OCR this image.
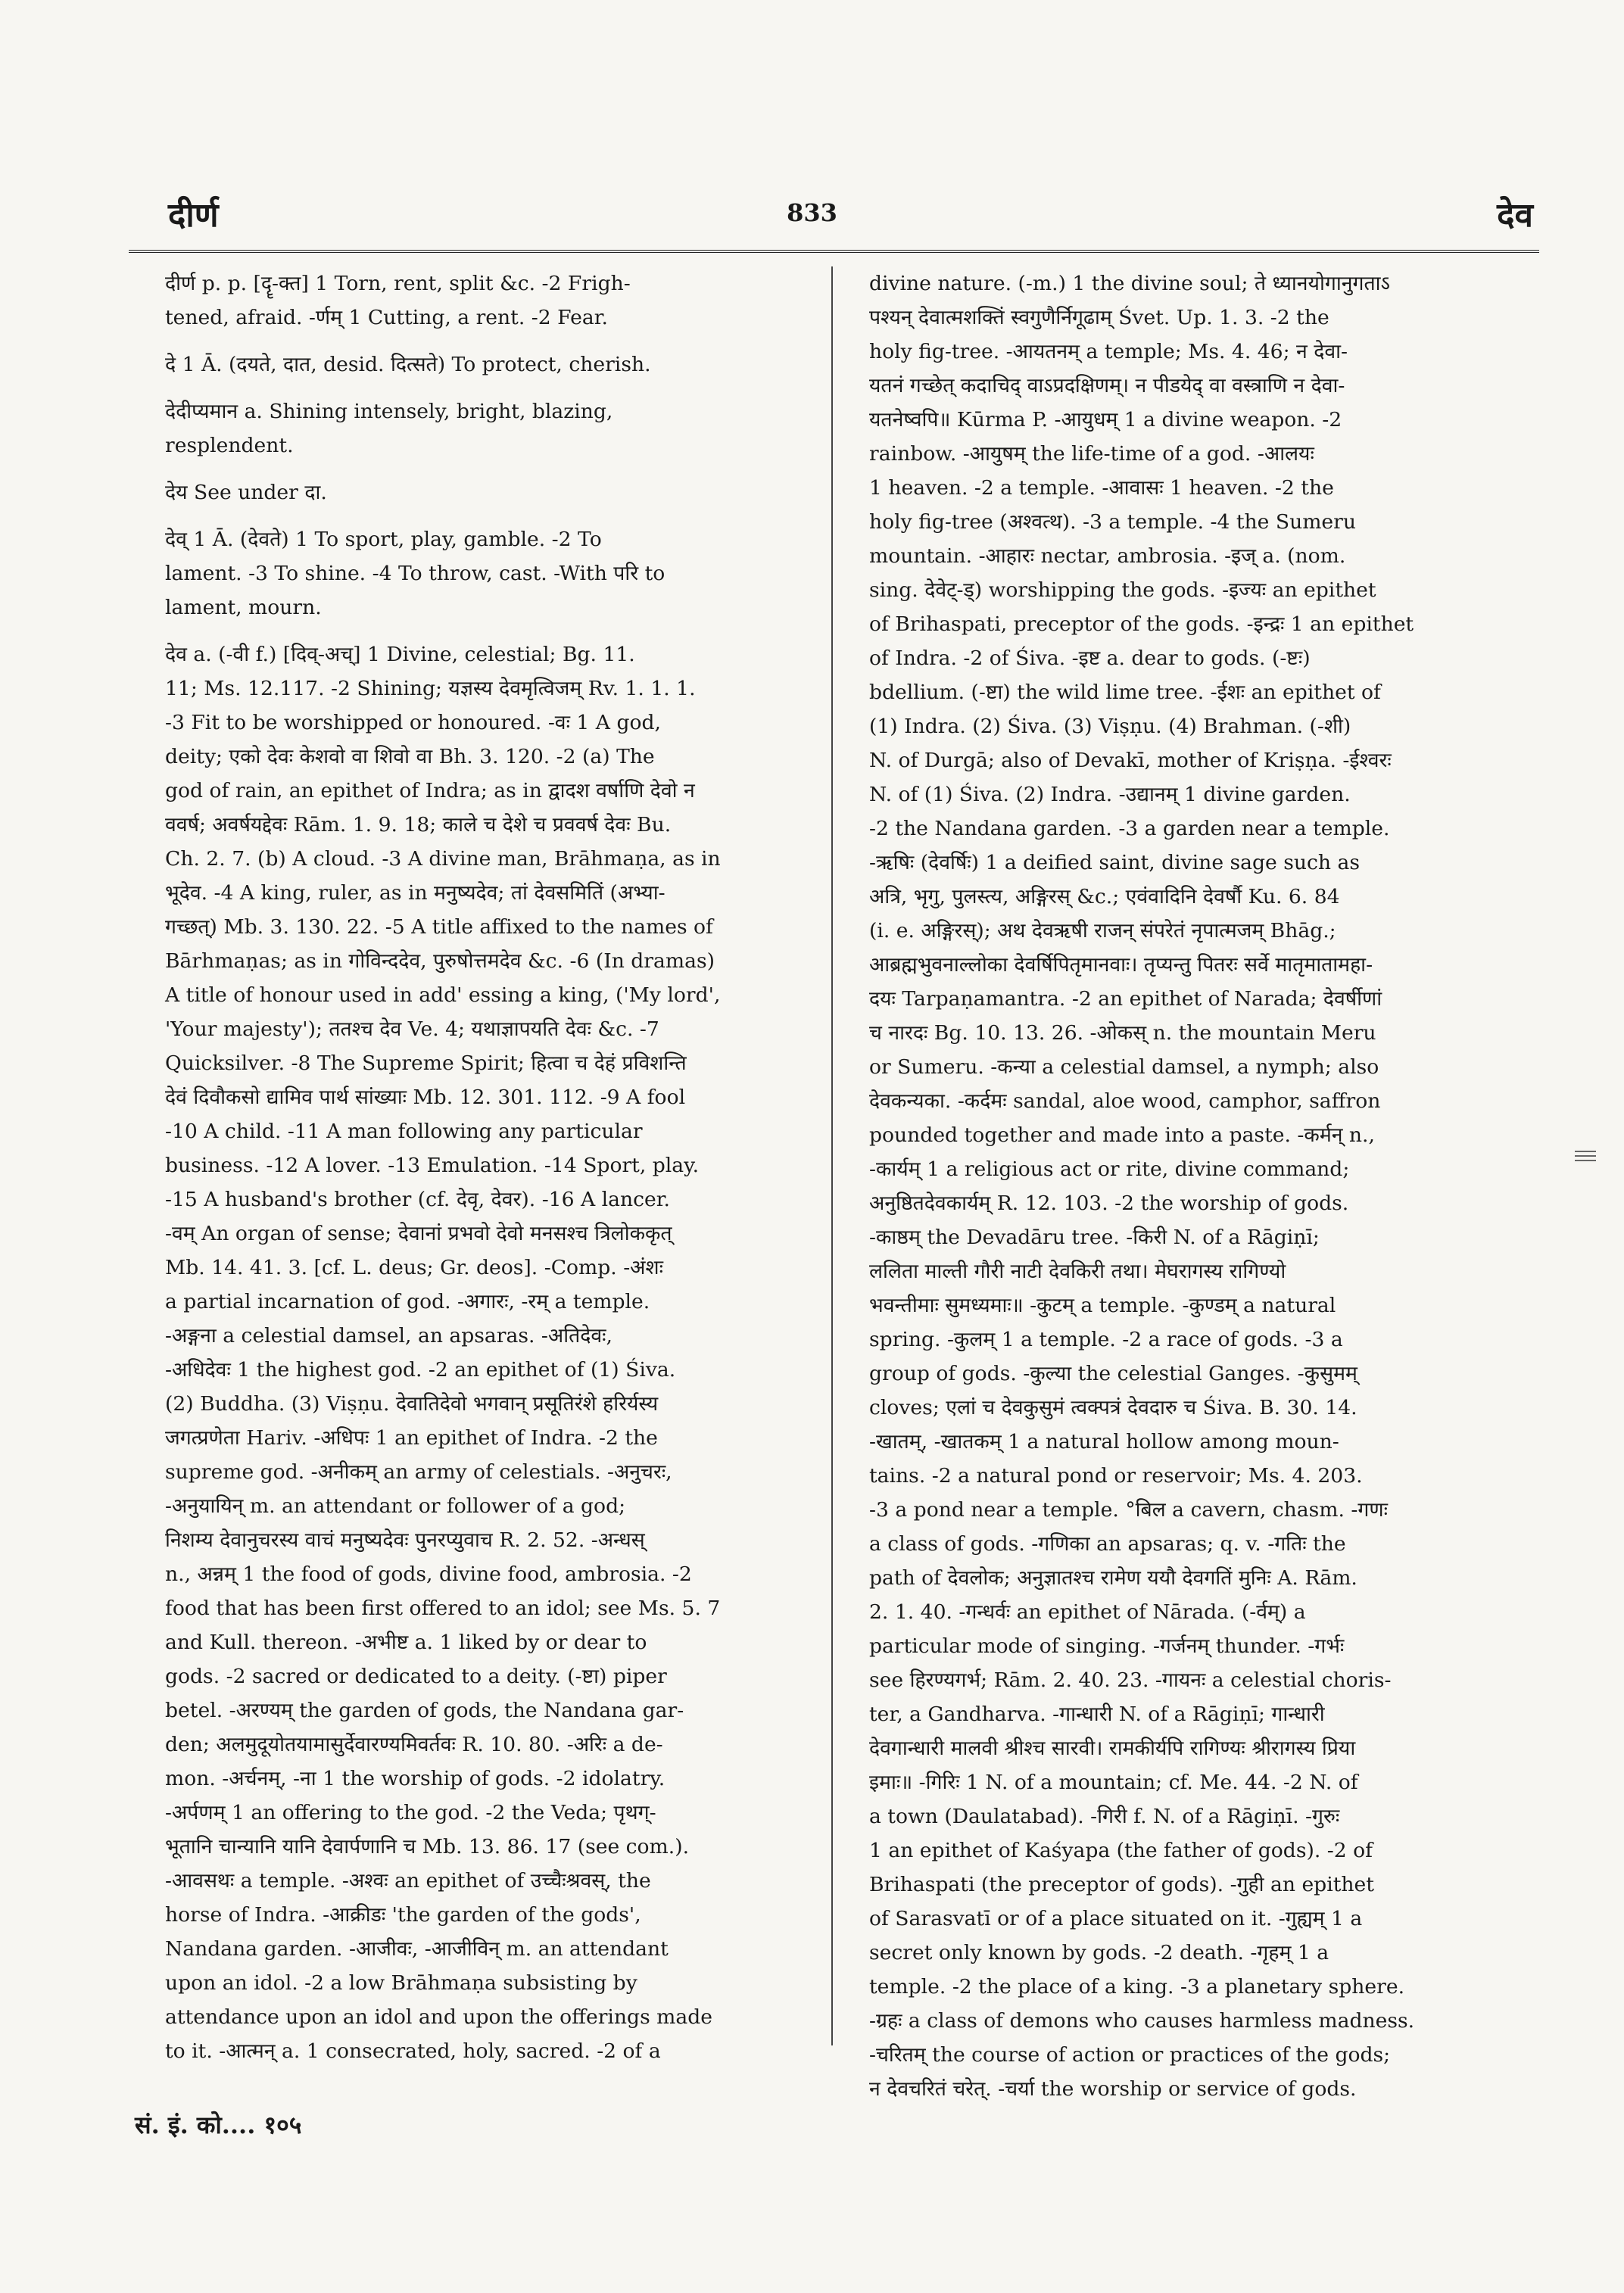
दीर्ण	833	देव
दीर्ण p. p. [दॄ-क्त] 1 Torn, rent, split &c. -2 Frigh-
tened, afraid. -र्णम् 1 Cutting, a rent. -2 Fear.
दे 1 Ā. (दयते, दात, desid. दित्सते) To protect, cherish.
देदीप्यमान a. Shining intensely, bright, blazing,
resplendent.
देय See under दा.
देव् 1 Ā. (देवते) 1 To sport, play, gamble. -2 To
lament. -3 To shine. -4 To throw, cast. -With परि to
lament, mourn.
देव a. (-वी f.) [दिव्-अच्] 1 Divine, celestial; Bg. 11.
11; Ms. 12.117. -2 Shining; यज्ञस्य देवमृत्विजम् Rv. 1. 1. 1.
-3 Fit to be worshipped or honoured. -वः 1 A god,
deity; एको देवः केशवो वा शिवो वा Bh. 3. 120. -2 (a) The
god of rain, an epithet of Indra; as in द्वादश वर्षाणि देवो न
ववर्ष; अवर्षयद्देवः Rām. 1. 9. 18; काले च देशे च प्रववर्ष देवः Bu.
Ch. 2. 7. (b) A cloud. -3 A divine man, Brāhmaṇa, as in
भूदेव. -4 A king, ruler, as in मनुष्यदेव; तां देवसमितिं (अभ्या-
गच्छत्) Mb. 3. 130. 22. -5 A title affixed to the names of
Bārhmaṇas; as in गोविन्ददेव, पुरुषोत्तमदेव &c. -6 (In dramas)
A title of honour used in add' essing a king, ('My lord',
'Your majesty'); ततश्च देव Ve. 4; यथाज्ञापयति देवः &c. -7
Quicksilver. -8 The Supreme Spirit; हित्वा च देहं प्रविशन्ति
देवं दिवौकसो द्यामिव पार्थ सांख्याः Mb. 12. 301. 112. -9 A fool
-10 A child. -11 A man following any particular
business. -12 A lover. -13 Emulation. -14 Sport, play.
-15 A husband's brother (cf. देवृ, देवर). -16 A lancer.
-वम् An organ of sense; देवानां प्रभवो देवो मनसश्च त्रिलोककृत्
Mb. 14. 41. 3. [cf. L. deus; Gr. deos]. -Comp. -अंशः
a partial incarnation of god. -अगारः, -रम् a temple.
-अङ्गना a celestial damsel, an apsaras. -अतिदेवः,
-अधिदेवः 1 the highest god. -2 an epithet of (1) Śiva.
(2) Buddha. (3) Viṣṇu. देवातिदेवो भगवान् प्रसूतिरंशे हरिर्यस्य
जगत्प्रणेता Hariv. -अधिपः 1 an epithet of Indra. -2 the
supreme god. -अनीकम् an army of celestials. -अनुचरः,
-अनुयायिन् m. an attendant or follower of a god;
निशम्य देवानुचरस्य वाचं मनुष्यदेवः पुनरप्युवाच R. 2. 52. -अन्धस्
n., अन्नम् 1 the food of gods, divine food, ambrosia. -2
food that has been first offered to an idol; see Ms. 5. 7
and Kull. thereon. -अभीष्ट a. 1 liked by or dear to
gods. -2 sacred or dedicated to a deity. (-ष्टा) piper
betel. -अरण्यम् the garden of gods, the Nandana gar-
den; अलमुदूयोतयामासुर्देवारण्यमिवर्तवः R. 10. 80. -अरिः a de-
mon. -अर्चनम्, -ना 1 the worship of gods. -2 idolatry.
-अर्पणम् 1 an offering to the god. -2 the Veda; पृथग्-
भूतानि चान्यानि यानि देवार्पणानि च Mb. 13. 86. 17 (see com.).
-आवसथः a temple. -अश्वः an epithet of उच्चैःश्रवस्, the
horse of Indra. -आक्रीडः 'the garden of the gods',
Nandana garden. -आजीवः, -आजीविन् m. an attendant
upon an idol. -2 a low Brāhmaṇa subsisting by
attendance upon an idol and upon the offerings made
to it. -आत्मन् a. 1 consecrated, holy, sacred. -2 of a
divine nature. (-m.) 1 the divine soul; ते ध्यानयोगानुगताऽ
पश्यन् देवात्मशक्तिं स्वगुणैर्निगूढाम् Śvet. Up. 1. 3. -2 the
holy fig-tree. -आयतनम् a temple; Ms. 4. 46; न देवा-
यतनं गच्छेत् कदाचिद् वाऽप्रदक्षिणम्। न पीडयेद् वा वस्त्राणि न देवा-
यतनेष्वपि॥ Kūrma P. -आयुधम् 1 a divine weapon. -2
rainbow. -आयुषम् the life-time of a god. -आलयः
1 heaven. -2 a temple. -आवासः 1 heaven. -2 the
holy fig-tree (अश्वत्थ). -3 a temple. -4 the Sumeru
mountain. -आहारः nectar, ambrosia. -इज् a. (nom.
sing. देवेट्-ड्) worshipping the gods. -इज्यः an epithet
of Brihaspati, preceptor of the gods. -इन्द्रः 1 an epithet
of Indra. -2 of Śiva. -इष्ट a. dear to gods. (-ष्टः)
bdellium. (-ष्टा) the wild lime tree. -ईशः an epithet of
(1) Indra. (2) Śiva. (3) Viṣṇu. (4) Brahman. (-शी)
N. of Durgā; also of Devakī, mother of Kriṣṇa. -ईश्वरः
N. of (1) Śiva. (2) Indra. -उद्यानम् 1 divine garden.
-2 the Nandana garden. -3 a garden near a temple.
-ऋषिः (देवर्षिः) 1 a deified saint, divine sage such as
अत्रि, भृगु, पुलस्त्य, अङ्गिरस् &c.; एवंवादिनि देवर्षौ Ku. 6. 84
(i. e. अङ्गिरस्); अथ देवऋषी राजन् संपरेतं नृपात्मजम् Bhāg.;
आब्रह्मभुवनाल्लोका देवर्षिपितृमानवाः। तृप्यन्तु पितरः सर्वे मातृमातामहा-
दयः Tarpaṇamantra. -2 an epithet of Narada; देवर्षीणां
च नारदः Bg. 10. 13. 26. -ओकस् n. the mountain Meru
or Sumeru. -कन्या a celestial damsel, a nymph; also
देवकन्यका. -कर्दमः sandal, aloe wood, camphor, saffron
pounded together and made into a paste. -कर्मन् n.,
-कार्यम् 1 a religious act or rite, divine command;
अनुष्ठितदेवकार्यम् R. 12. 103. -2 the worship of gods.
-काष्ठम् the Devadāru tree. -किरी N. of a Rāgiṇī;
ललिता माल्ती गौरी नाटी देवकिरी तथा। मेघरागस्य रागिण्यो
भवन्तीमाः सुमध्यमाः॥ -कुटम् a temple. -कुण्डम् a natural
spring. -कुलम् 1 a temple. -2 a race of gods. -3 a
group of gods. -कुल्या the celestial Ganges. -कुसुमम्
cloves; एलां च देवकुसुमं त्वक्पत्रं देवदारु च Śiva. B. 30. 14.
-खातम्, -खातकम् 1 a natural hollow among moun-
tains. -2 a natural pond or reservoir; Ms. 4. 203.
-3 a pond near a temple. °बिल a cavern, chasm. -गणः
a class of gods. -गणिका an apsaras; q. v. -गतिः the
path of देवलोक; अनुज्ञातश्च रामेण ययौ देवगतिं मुनिः A. Rām.
2. 1. 40. -गन्धर्वः an epithet of Nārada. (-र्वम्) a
particular mode of singing. -गर्जनम् thunder. -गर्भः
see हिरण्यगर्भ; Rām. 2. 40. 23. -गायनः a celestial choris-
ter, a Gandharva. -गान्धारी N. of a Rāgiṇī; गान्धारी
देवगान्धारी मालवी श्रीश्च सारवी। रामकीर्यपि रागिण्यः श्रीरागस्य प्रिया
इमाः॥ -गिरिः 1 N. of a mountain; cf. Me. 44. -2 N. of
a town (Daulatabad). -गिरी f. N. of a Rāgiṇī. -गुरुः
1 an epithet of Kaśyapa (the father of gods). -2 of
Brihaspati (the preceptor of gods). -गुही an epithet
of Sarasvatī or of a place situated on it. -गुह्यम् 1 a
secret only known by gods. -2 death. -गृहम् 1 a
temple. -2 the place of a king. -3 a planetary sphere.
-ग्रहः a class of demons who causes harmless madness.
-चरितम् the course of action or practices of the gods;
न देवचरितं चरेत्. -चर्या the worship or service of gods.
सं. इं. को.... १०५
